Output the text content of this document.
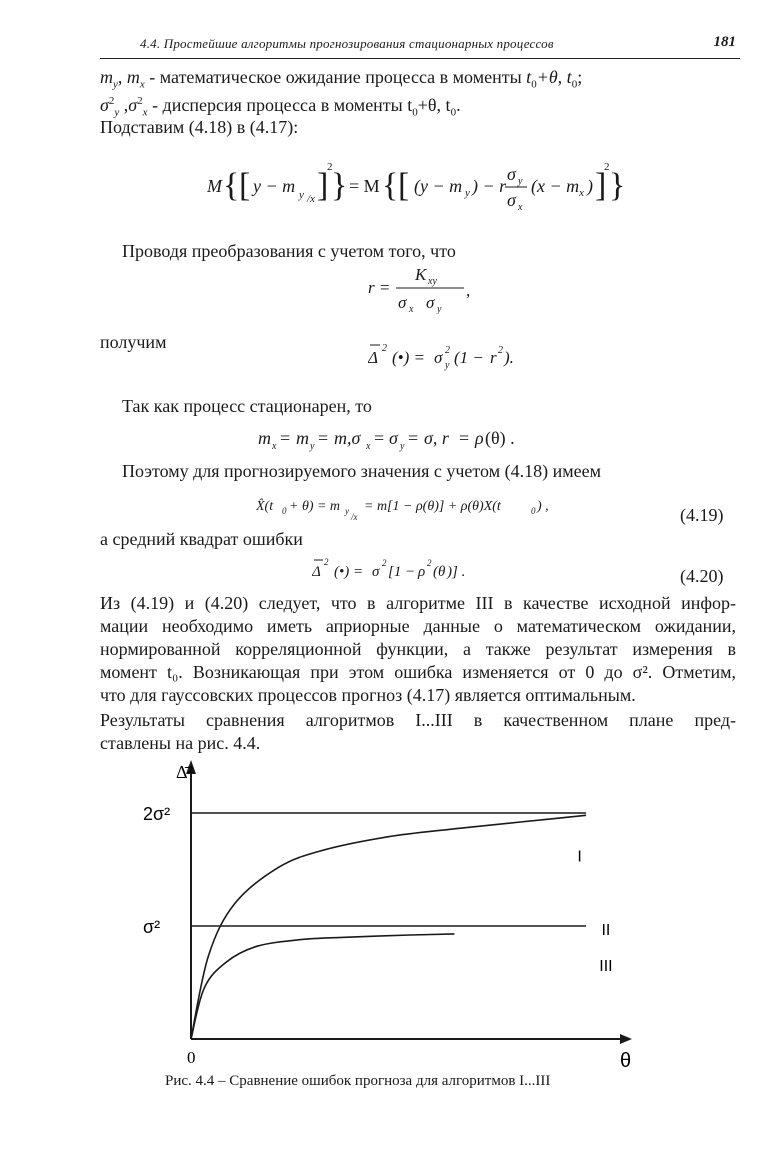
4.4. Простейшие алгоритмы прогнозирования стационарных процессов	181
$m_y$, $m_x$ - математическое ожидание процесса в моменты $t_0+\theta$, $t_0$;
$\sigma^2_y$ $,\sigma^2_x$ - дисперсия процесса в моменты $t_0+\theta$, $t_0$.
Подставим (4.18) в (4.17):
M { [ y − m y /x ]
2
} = M { [ (y − m y ) − r
σ y
σ x
(x − m x ) ]
2 }
Проводя преобразования с учетом того, что
r =
K xy
σ x σ y
,
получим
Δ 2 (•) = σ 2
y (1 − r 2 ).
Так как процесс стационарен, то
m x = m y = m,σ x = σ y = σ, r = ρ (θ) .
Поэтому для прогнозируемого значения с учетом (4.18) имеем
X̂(t 0 + θ) = m y
/x
= m[1 − ρ(θ)] + ρ(θ)X(t	0 ) ,	(4.19)
а средний квадрат ошибки
Δ
2
(•) = σ
2
[1 − ρ
2
( θ )] .	(4.20)
Из (4.19) и (4.20) следует, что в алгоритме III в качестве исходной инфор-
мации необходимо иметь априорные данные о математическом ожидании,
нормированной корреляционной функции, а также результат измерения в
момент t₀. Возникающая при этом ошибка изменяется от 0 до σ². Отметим,
что для гауссовских процессов прогноз (4.17) является оптимальным.
Результаты сравнения алгоритмов I...III в качественном плане пред-
ставлены на рис. 4.4.
Δ̄²
θ
0
2σ²
σ²
I
II
III
Рис. 4.4 – Сравнение ошибок прогноза для алгоритмов I...III
